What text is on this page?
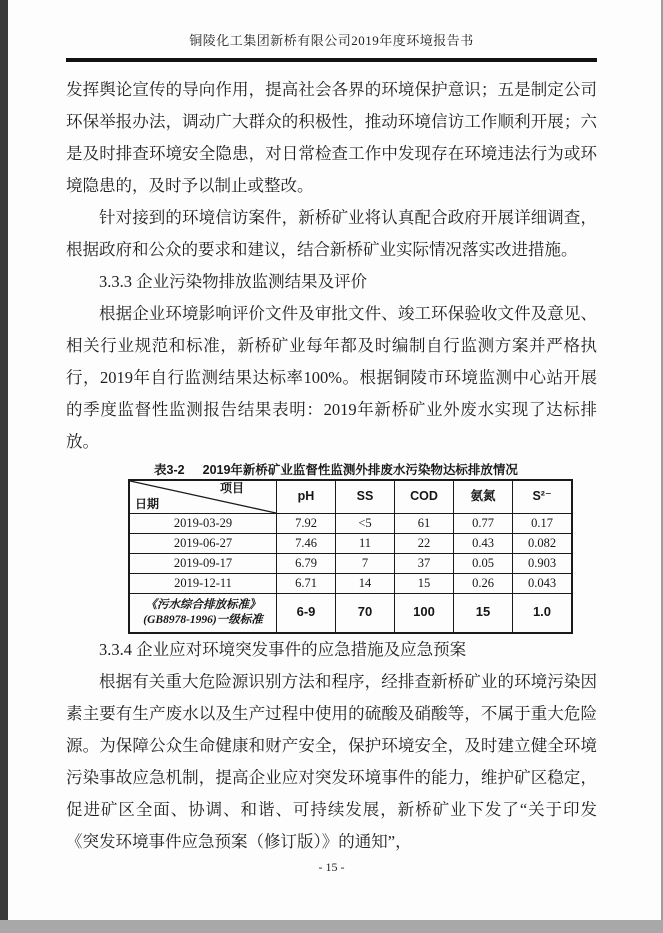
铜陵化工集团新桥有限公司2019年度环境报告书

发挥舆论宣传的导向作用，提高社会各界的环境保护意识；五是制定公司环保举报办法，调动广大群众的积极性，推动环境信访工作顺利开展；六是及时排查环境安全隐患，对日常检查工作中发现存在环境违法行为或环境隐患的，及时予以制止或整改。

针对接到的环境信访案件，新桥矿业将认真配合政府开展详细调查，根据政府和公众的要求和建议，结合新桥矿业实际情况落实改进措施。

3.3.3 企业污染物排放监测结果及评价

根据企业环境影响评价文件及审批文件、竣工环保验收文件及意见、相关行业规范和标准，新桥矿业每年都及时编制自行监测方案并严格执行，2019年自行监测结果达标率100%。根据铜陵市环境监测中心站开展的季度监督性监测报告结果表明：2019年新桥矿业外废水实现了达标排放。

表3-2 2019年新桥矿业监督性监测外排废水污染物达标排放情况
项目
日期	pH	SS	COD	氨氮	S²⁻
2019-03-29	7.92	<5	61	0.77	0.17
2019-06-27	7.46	11	22	0.43	0.082
2019-09-17	6.79	7	37	0.05	0.903
2019-12-11	6.71	14	15	0.26	0.043

《污水综合排放标准》
(GB8978-1996)一级标准	6-9	70	100	15	1.0

3.3.4 企业应对环境突发事件的应急措施及应急预案

根据有关重大危险源识别方法和程序，经排查新桥矿业的环境污染因素主要有生产废水以及生产过程中使用的硫酸及硝酸等，不属于重大危险源。为保障公众生命健康和财产安全，保护环境安全，及时建立健全环境污染事故应急机制，提高企业应对突发环境事件的能力，维护矿区稳定，促进矿区全面、协调、和谐、可持续发展，新桥矿业下发了“关于印发《突发环境事件应急预案（修订版）》的通知”，

- 15 -
